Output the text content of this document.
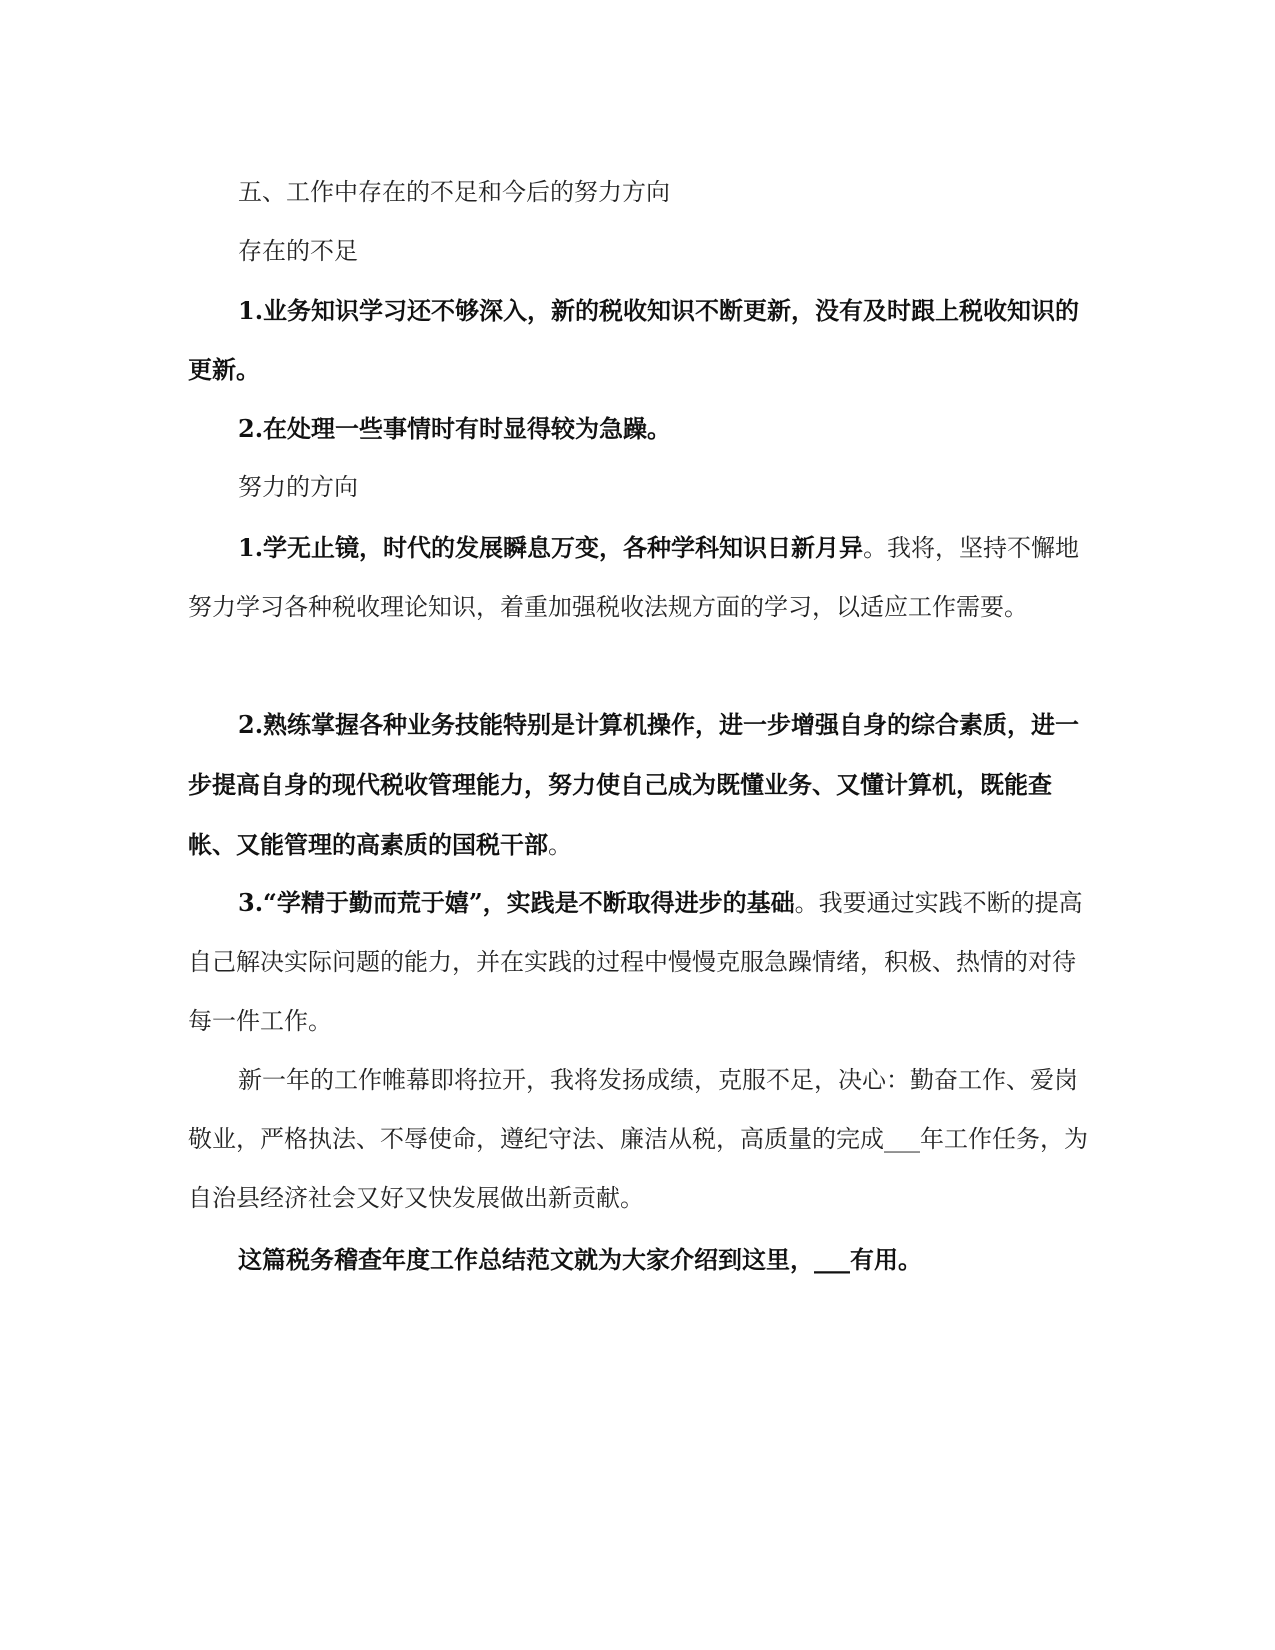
五、工作中存在的不足和今后的努力方向

存在的不足

1.业务知识学习还不够深入，新的税收知识不断更新，没有及时跟上税收知识的更新。

2.在处理一些事情时有时显得较为急躁。

努力的方向

1.学无止镜，时代的发展瞬息万变，各种学科知识日新月异。我将，坚持不懈地努力学习各种税收理论知识，着重加强税收法规方面的学习，以适应工作需要。

2.熟练掌握各种业务技能特别是计算机操作，进一步增强自身的综合素质，进一步提高自身的现代税收管理能力，努力使自己成为既懂业务、又懂计算机，既能查帐、又能管理的高素质的国税干部。

3.“学精于勤而荒于嬉”，实践是不断取得进步的基础。我要通过实践不断的提高自己解决实际问题的能力，并在实践的过程中慢慢克服急躁情绪，积极、热情的对待每一件工作。

新一年的工作帷幕即将拉开，我将发扬成绩，克服不足，决心：勤奋工作、爱岗敬业，严格执法、不辱使命，遵纪守法、廉洁从税，高质量的完成___年工作任务，为自治县经济社会又好又快发展做出新贡献。

这篇税务稽查年度工作总结范文就为大家介绍到这里，___有用。
